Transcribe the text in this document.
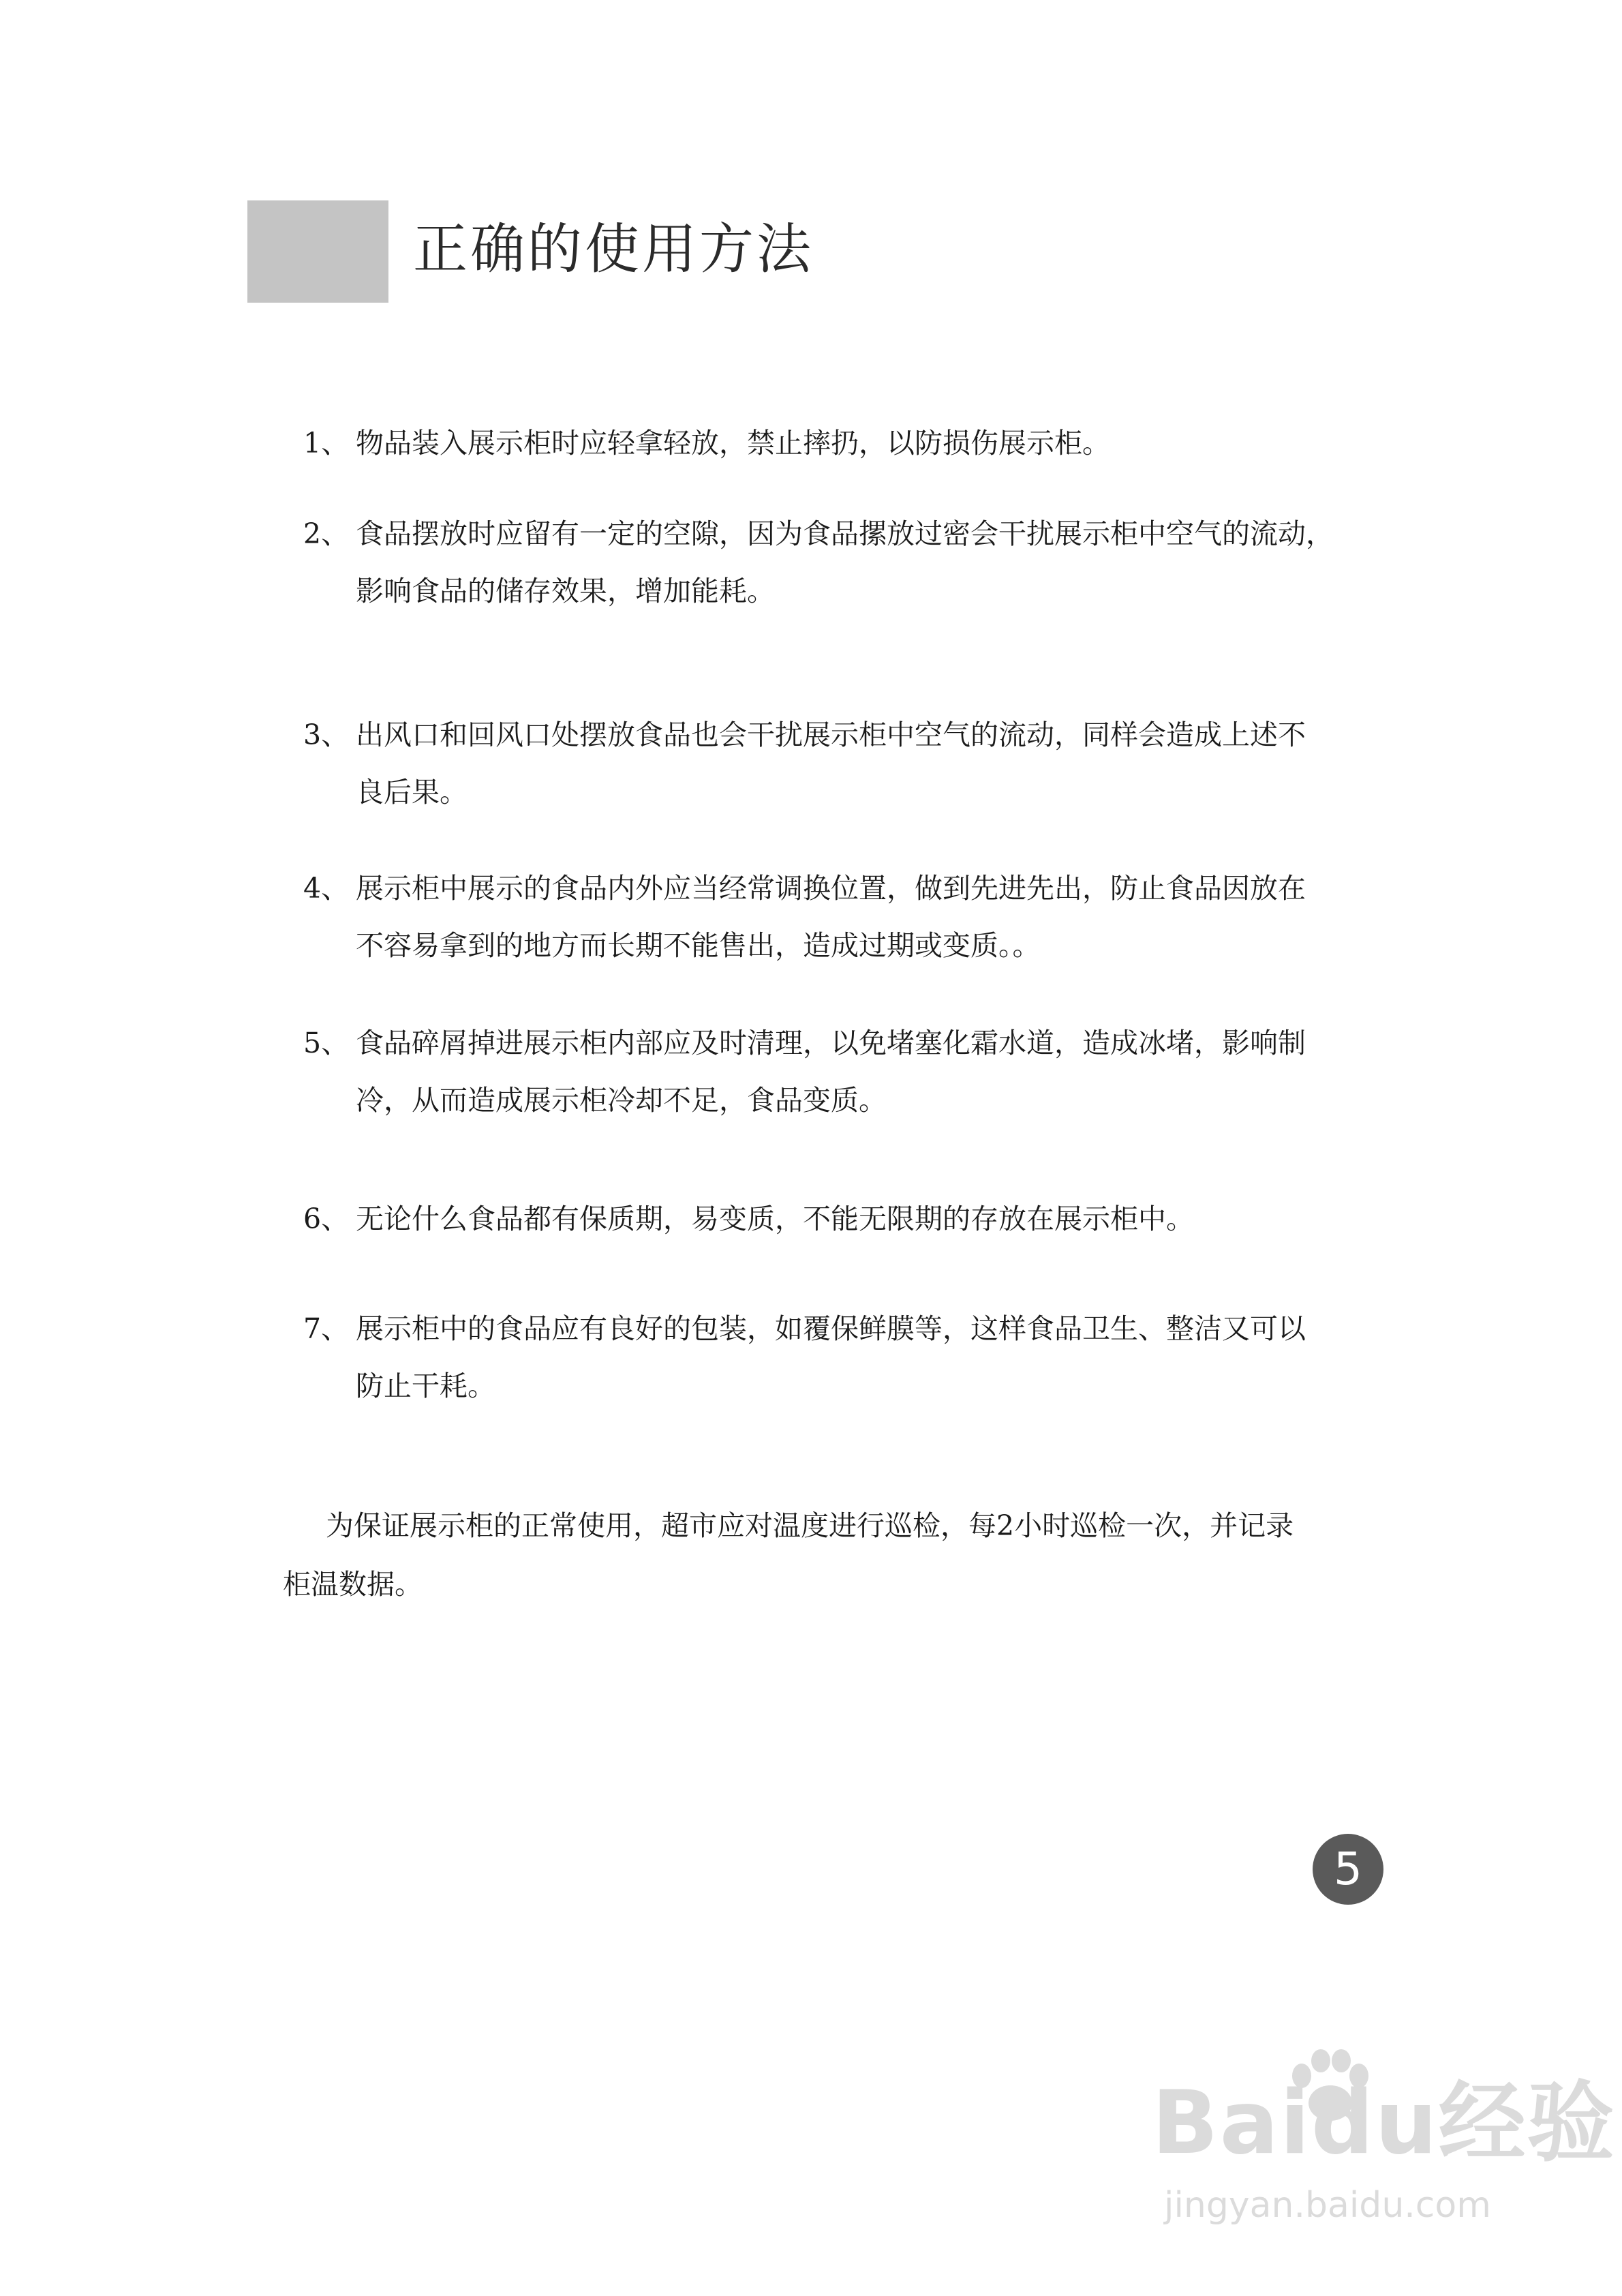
正确的使用方法
1、 物品装入展示柜时应轻拿轻放，禁止摔扔，以防损伤展示柜。
2、 食品摆放时应留有一定的空隙，因为食品摞放过密会干扰展示柜中空气的流动，
影响食品的储存效果，增加能耗。
3、 出风口和回风口处摆放食品也会干扰展示柜中空气的流动，同样会造成上述不
良后果。
4、 展示柜中展示的食品内外应当经常调换位置，做到先进先出，防止食品因放在
不容易拿到的地方而长期不能售出，造成过期或变质。。
5、 食品碎屑掉进展示柜内部应及时清理，以免堵塞化霜水道，造成冰堵，影响制
冷，从而造成展示柜冷却不足，食品变质。
6、 无论什么食品都有保质期，易变质，不能无限期的存放在展示柜中。
7、 展示柜中的食品应有良好的包装，如覆保鲜膜等，这样食品卫生、整洁又可以
防止干耗。
为保证展示柜的正常使用，超市应对温度进行巡检，每2小时巡检一次，并记录
柜温数据。
5
Baidu经验
jingyan.baidu.com
